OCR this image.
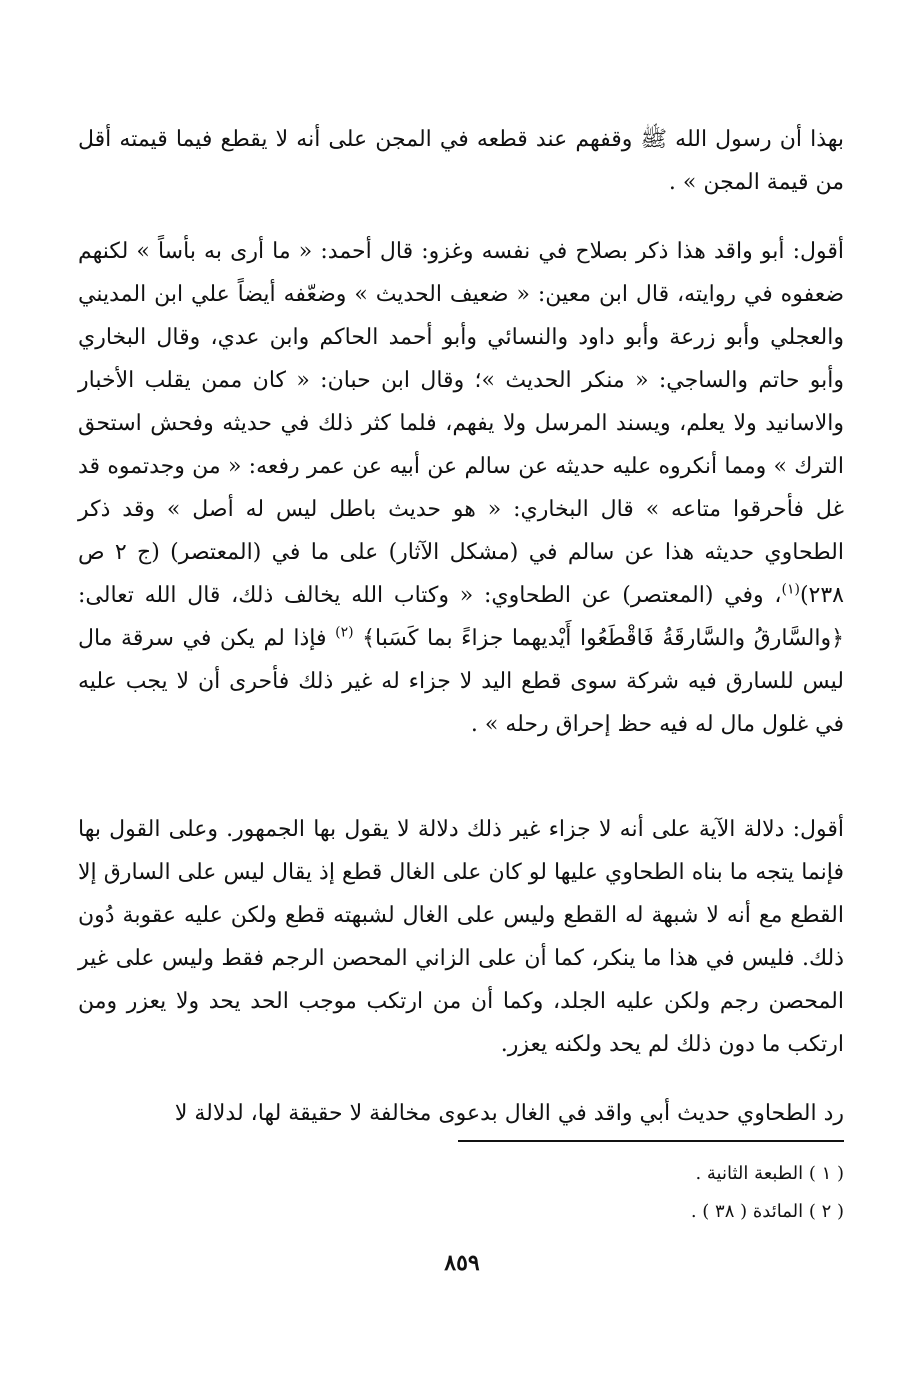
بهذا أن رسول الله ﷺ وقفهم عند قطعه في المجن على أنه لا يقطع فيما قيمته أقل من قيمة المجن » .

أقول: أبو واقد هذا ذكر بصلاح في نفسه وغزو: قال أحمد: « ما أرى به بأساً » لكنهم ضعفوه في روايته، قال ابن معين: « ضعيف الحديث » وضعّفه أيضاً علي ابن المديني والعجلي وأبو زرعة وأبو داود والنسائي وأبو أحمد الحاكم وابن عدي، وقال البخاري وأبو حاتم والساجي: « منكر الحديث »؛ وقال ابن حبان: « كان ممن يقلب الأخبار والاسانيد ولا يعلم، ويسند المرسل ولا يفهم، فلما كثر ذلك في حديثه وفحش استحق الترك » ومما أنكروه عليه حديثه عن سالم عن أبيه عن عمر رفعه: « من وجدتموه قد غل فأحرقوا متاعه » قال البخاري: « هو حديث باطل ليس له أصل » وقد ذكر الطحاوي حديثه هذا عن سالم في (مشكل الآثار) على ما في (المعتصر) (ج ٢ ص ٢٣٨)$^{(١)}$، وفي (المعتصر) عن الطحاوي: « وكتاب الله يخالف ذلك، قال الله تعالى: ﴿والسَّارقُ والسَّارقَةُ فَاقْطَعُوا أَيْديهما جزاءً بما كَسَبا﴾ $^{(٢)}$ فإذا لم يكن في سرقة مال ليس للسارق فيه شركة سوى قطع اليد لا جزاء له غير ذلك فأحرى أن لا يجب عليه في غلول مال له فيه حظ إحراق رحله » .

أقول: دلالة الآية على أنه لا جزاء غير ذلك دلالة لا يقول بها الجمهور. وعلى القول بها فإنما يتجه ما بناه الطحاوي عليها لو كان على الغال قطع إذ يقال ليس على السارق إلا القطع مع أنه لا شبهة له القطع وليس على الغال لشبهته قطع ولكن عليه عقوبة دُون ذلك. فليس في هذا ما ينكر، كما أن على الزاني المحصن الرجم فقط وليس على غير المحصن رجم ولكن عليه الجلد، وكما أن من ارتكب موجب الحد يحد ولا يعزر ومن ارتكب ما دون ذلك لم يحد ولكنه يعزر.

رد الطحاوي حديث أبي واقد في الغال بدعوى مخالفة لا حقيقة لها، لدلالة لا

( ١ ) الطبعة الثانية .

( ٢ ) المائدة ( ٣٨ ) .

٨٥٩
